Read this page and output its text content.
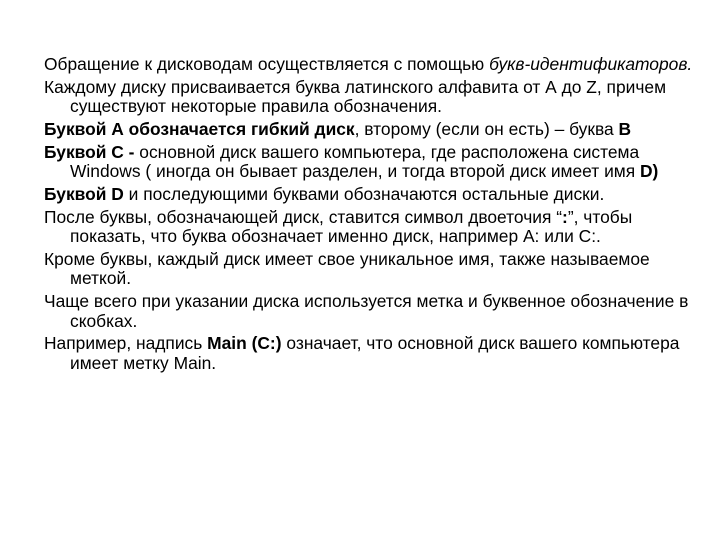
Обращение к дисководам осуществляется с помощью букв-идентификаторов.

Каждому диску присваивается буква латинского алфавита от А до Z, причем существуют некоторые правила обозначения.

Буквой А обозначается гибкий диск, второму (если он есть) – буква В

Буквой С - основной диск вашего компьютера, где расположена система Windows ( иногда он бывает разделен, и тогда второй диск имеет имя D)

Буквой D и последующими буквами обозначаются остальные диски.

После буквы, обозначающей диск, ставится символ двоеточия “:”, чтобы показать, что буква обозначает именно диск, например А: или С:.

Кроме буквы, каждый диск имеет свое уникальное имя, также называемое меткой.

Чаще всего при указании диска используется метка и буквенное обозначение в скобках.

Например, надпись Main (C:) означает, что основной диск вашего компьютера имеет метку Main.
